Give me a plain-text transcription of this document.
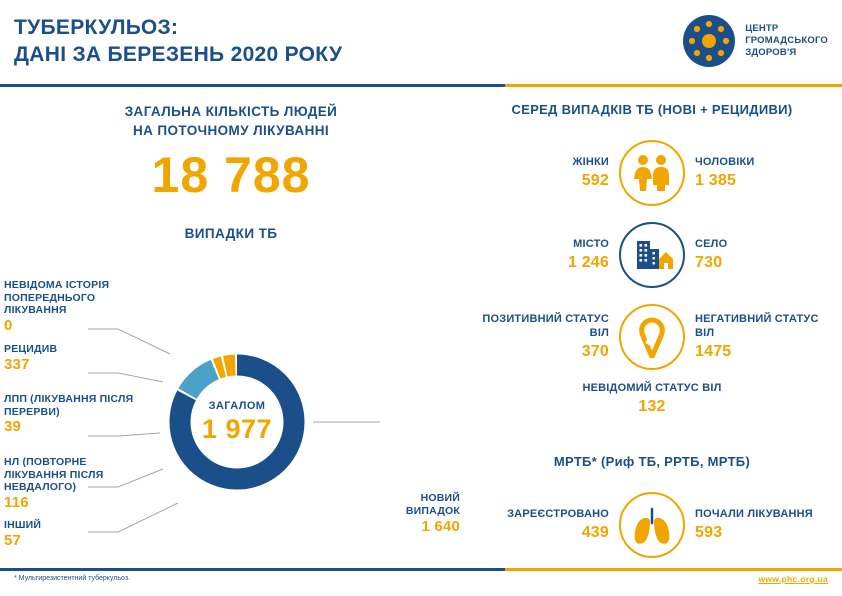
ТУБЕРКУЛЬОЗ:
ДАНІ ЗА БЕРЕЗЕНЬ 2020 РОКУ
ЦЕНТР
ГРОМАДСЬКОГО
ЗДОРОВ'Я
ЗАГАЛЬНА КІЛЬКІСТЬ ЛЮДЕЙ
НА ПОТОЧНОМУ ЛІКУВАННІ
18 788
ВИПАДКИ ТБ
НЕВІДОМА ІСТОРІЯ ПОПЕРЕДНЬОГО ЛІКУВАННЯ
0
РЕЦИДИВ
337
ЛПП (ЛІКУВАННЯ ПІСЛЯ ПЕРЕРВИ)
39
НЛ (ПОВТОРНЕ ЛІКУВАННЯ ПІСЛЯ НЕВДАЛОГО)
116
ІНШИЙ
57
НОВИЙ
ВИПАДОК
1 640
ЗАГАЛОМ
1 977
СЕРЕД ВИПАДКІВ ТБ (НОВІ + РЕЦИДИВИ)
ЖІНКИ
592
ЧОЛОВІКИ
1 385
МІСТО
1 246
СЕЛО
730
ПОЗИТИВНИЙ СТАТУС ВІЛ
370
НЕГАТИВНИЙ СТАТУС ВІЛ
1475
НЕВІДОМИЙ СТАТУС ВІЛ
132
МРТБ* (Риф ТБ, РРТБ, МРТБ)
ЗАРЕЄСТРОВАНО
439
ПОЧАЛИ ЛІКУВАННЯ
593
* Мультирезистентний туберкульоз.	www.phc.org.ua
